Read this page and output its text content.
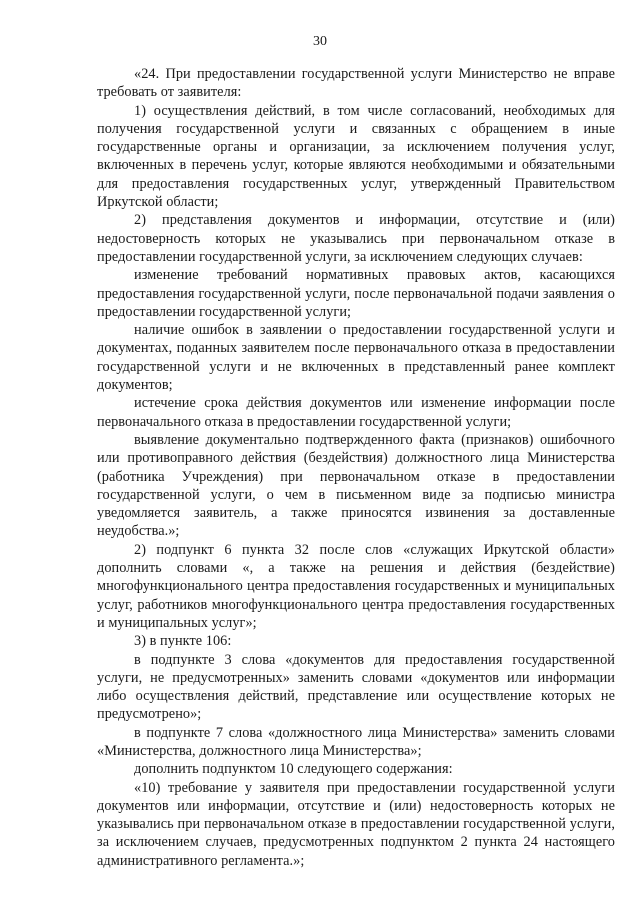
30

«24. При предоставлении государственной услуги Министерство не вправе требовать от заявителя:

1) осуществления действий, в том числе согласований, необходимых для получения государственной услуги и связанных с обращением в иные государственные органы и организации, за исключением получения услуг, включенных в перечень услуг, которые являются необходимыми и обязательными для предоставления государственных услуг, утвержденный Правительством Иркутской области;

2) представления документов и информации, отсутствие и (или) недостоверность которых не указывались при первоначальном отказе в предоставлении государственной услуги, за исключением следующих случаев:

изменение требований нормативных правовых актов, касающихся предоставления государственной услуги, после первоначальной подачи заявления о предоставлении государственной услуги;

наличие ошибок в заявлении о предоставлении государственной услуги и документах, поданных заявителем после первоначального отказа в предоставлении государственной услуги и не включенных в представленный ранее комплект документов;

истечение срока действия документов или изменение информации после первоначального отказа в предоставлении государственной услуги;

выявление документально подтвержденного факта (признаков) ошибочного или противоправного действия (бездействия) должностного лица Министерства (работника Учреждения) при первоначальном отказе в предоставлении государственной услуги, о чем в письменном виде за подписью министра уведомляется заявитель, а также приносятся извинения за доставленные неудобства.»;

2) подпункт 6 пункта 32 после слов «служащих Иркутской области» дополнить словами «, а также на решения и действия (бездействие) многофункционального центра предоставления государственных и муниципальных услуг, работников многофункционального центра предоставления государственных и муниципальных услуг»;

3) в пункте 106:

в подпункте 3 слова «документов для предоставления государственной услуги, не предусмотренных» заменить словами «документов или информации либо осуществления действий, представление или осуществление которых не предусмотрено»;

в подпункте 7 слова «должностного лица Министерства» заменить словами «Министерства, должностного лица Министерства»;

дополнить подпунктом 10 следующего содержания:

«10) требование у заявителя при предоставлении государственной услуги документов или информации, отсутствие и (или) недостоверность которых не указывались при первоначальном отказе в предоставлении государственной услуги, за исключением случаев, предусмотренных подпунктом 2 пункта 24 настоящего административного регламента.»;
